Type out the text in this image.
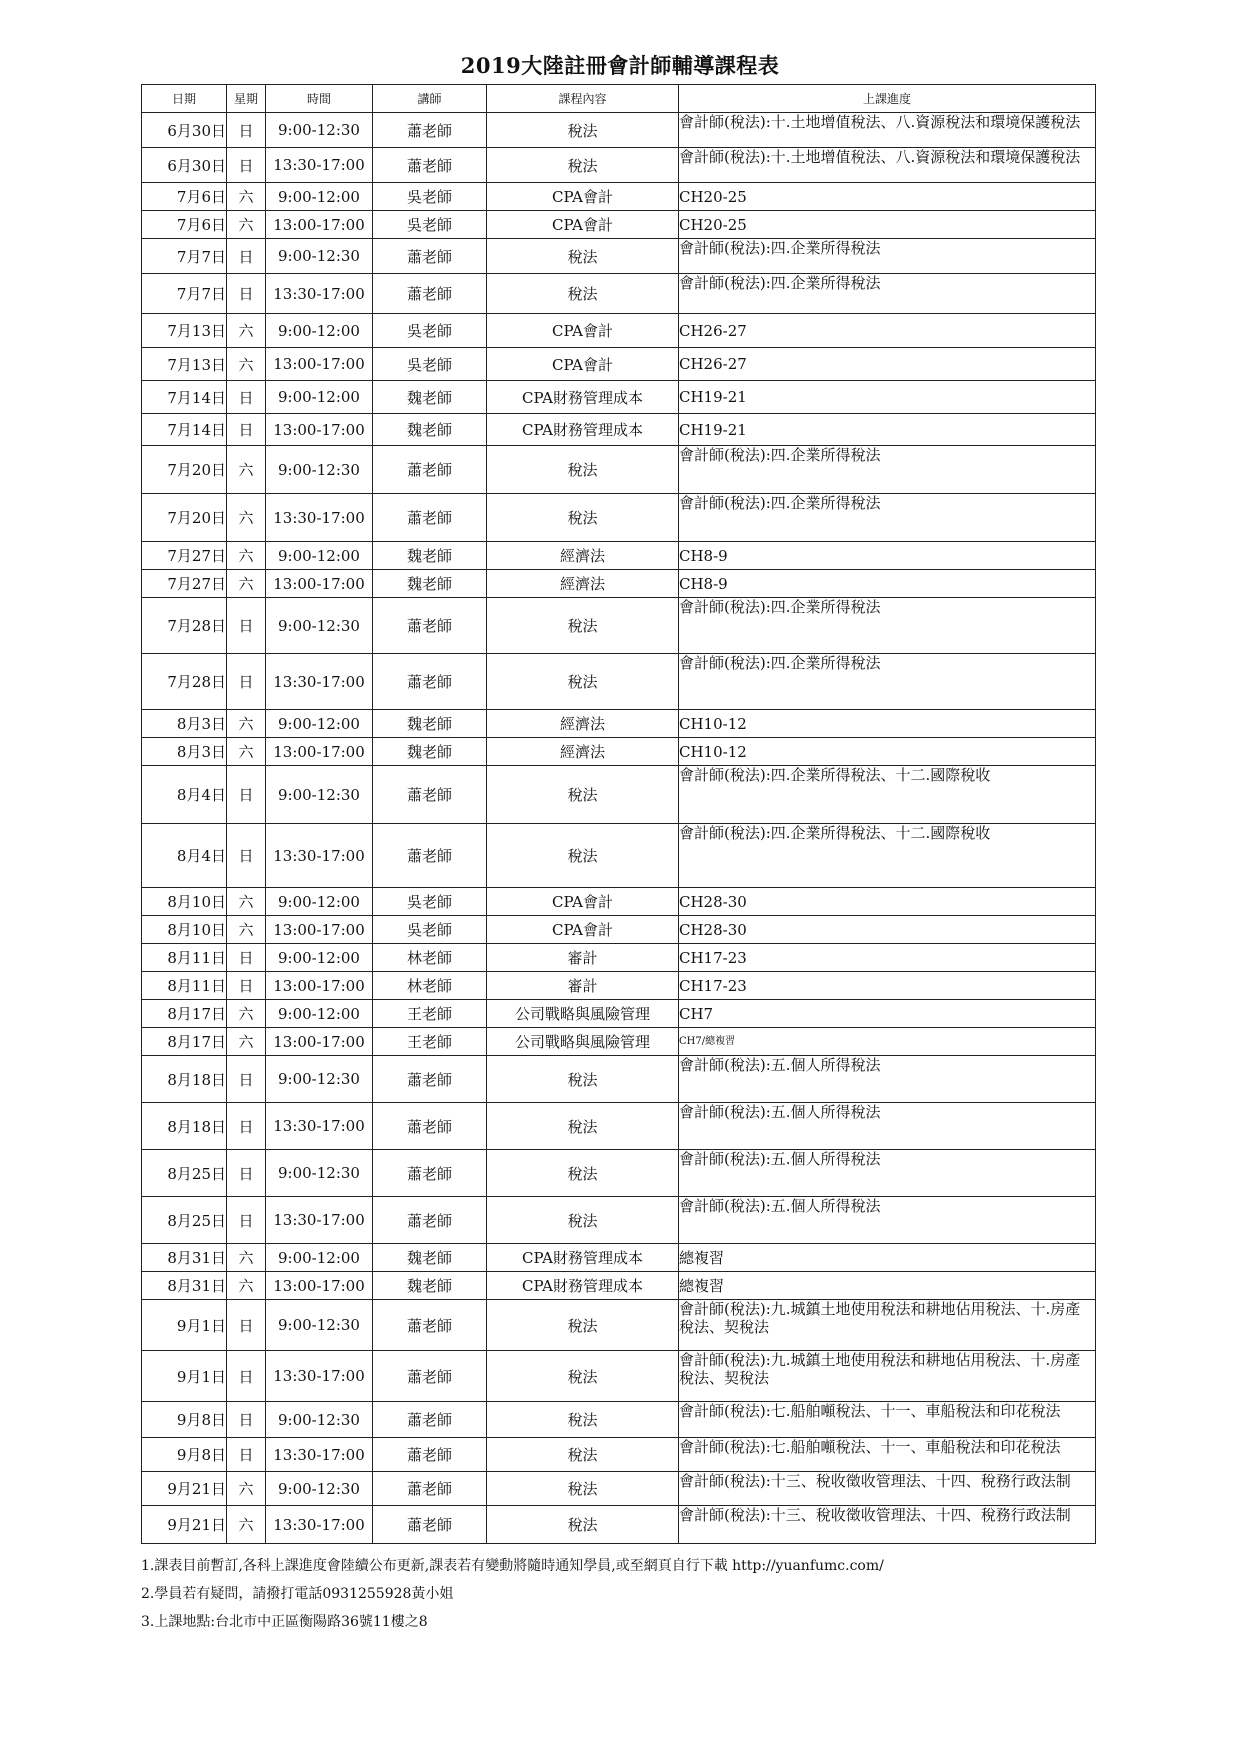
2019大陸註冊會計師輔導課程表
日期	星期	時間	講師	課程內容	上課進度
6月30日	日	9:00-12:30	蕭老師	稅法	會計師(稅法):十.土地增值稅法、八.資源稅法和環境保護稅法
6月30日	日	13:30-17:00	蕭老師	稅法	會計師(稅法):十.土地增值稅法、八.資源稅法和環境保護稅法
7月6日	六	9:00-12:00	吳老師	CPA會計	CH20-25
7月6日	六	13:00-17:00	吳老師	CPA會計	CH20-25
7月7日	日	9:00-12:30	蕭老師	稅法	會計師(稅法):四.企業所得稅法
7月7日	日	13:30-17:00	蕭老師	稅法	會計師(稅法):四.企業所得稅法
7月13日	六	9:00-12:00	吳老師	CPA會計	CH26-27
7月13日	六	13:00-17:00	吳老師	CPA會計	CH26-27
7月14日	日	9:00-12:00	魏老師	CPA財務管理成本	CH19-21
7月14日	日	13:00-17:00	魏老師	CPA財務管理成本	CH19-21
7月20日	六	9:00-12:30	蕭老師	稅法	會計師(稅法):四.企業所得稅法
7月20日	六	13:30-17:00	蕭老師	稅法	會計師(稅法):四.企業所得稅法
7月27日	六	9:00-12:00	魏老師	經濟法	CH8-9
7月27日	六	13:00-17:00	魏老師	經濟法	CH8-9
7月28日	日	9:00-12:30	蕭老師	稅法	會計師(稅法):四.企業所得稅法
7月28日	日	13:30-17:00	蕭老師	稅法	會計師(稅法):四.企業所得稅法
8月3日	六	9:00-12:00	魏老師	經濟法	CH10-12
8月3日	六	13:00-17:00	魏老師	經濟法	CH10-12
8月4日	日	9:00-12:30	蕭老師	稅法	會計師(稅法):四.企業所得稅法、十二.國際稅收
8月4日	日	13:30-17:00	蕭老師	稅法	會計師(稅法):四.企業所得稅法、十二.國際稅收
8月10日	六	9:00-12:00	吳老師	CPA會計	CH28-30
8月10日	六	13:00-17:00	吳老師	CPA會計	CH28-30
8月11日	日	9:00-12:00	林老師	審計	CH17-23
8月11日	日	13:00-17:00	林老師	審計	CH17-23
8月17日	六	9:00-12:00	王老師	公司戰略與風險管理	CH7
8月17日	六	13:00-17:00	王老師	公司戰略與風險管理	CH7/總複習
8月18日	日	9:00-12:30	蕭老師	稅法	會計師(稅法):五.個人所得稅法
8月18日	日	13:30-17:00	蕭老師	稅法	會計師(稅法):五.個人所得稅法
8月25日	日	9:00-12:30	蕭老師	稅法	會計師(稅法):五.個人所得稅法
8月25日	日	13:30-17:00	蕭老師	稅法	會計師(稅法):五.個人所得稅法
8月31日	六	9:00-12:00	魏老師	CPA財務管理成本	總複習
8月31日	六	13:00-17:00	魏老師	CPA財務管理成本	總複習
9月1日	日	9:00-12:30	蕭老師	稅法	會計師(稅法):九.城鎮土地使用稅法和耕地佔用稅法、十.房產稅法、契稅法
9月1日	日	13:30-17:00	蕭老師	稅法	會計師(稅法):九.城鎮土地使用稅法和耕地佔用稅法、十.房產稅法、契稅法
9月8日	日	9:00-12:30	蕭老師	稅法	會計師(稅法):七.船舶噸稅法、十一、車船稅法和印花稅法
9月8日	日	13:30-17:00	蕭老師	稅法	會計師(稅法):七.船舶噸稅法、十一、車船稅法和印花稅法
9月21日	六	9:00-12:30	蕭老師	稅法	會計師(稅法):十三、稅收徵收管理法、十四、稅務行政法制
9月21日	六	13:30-17:00	蕭老師	稅法	會計師(稅法):十三、稅收徵收管理法、十四、稅務行政法制
1.課表目前暫訂,各科上課進度會陸續公布更新,課表若有變動將隨時通知學員,或至網頁自行下載 http://yuanfumc.com/
2.學員若有疑問，請撥打電話0931255928黃小姐
3.上課地點:台北市中正區衡陽路36號11樓之8
